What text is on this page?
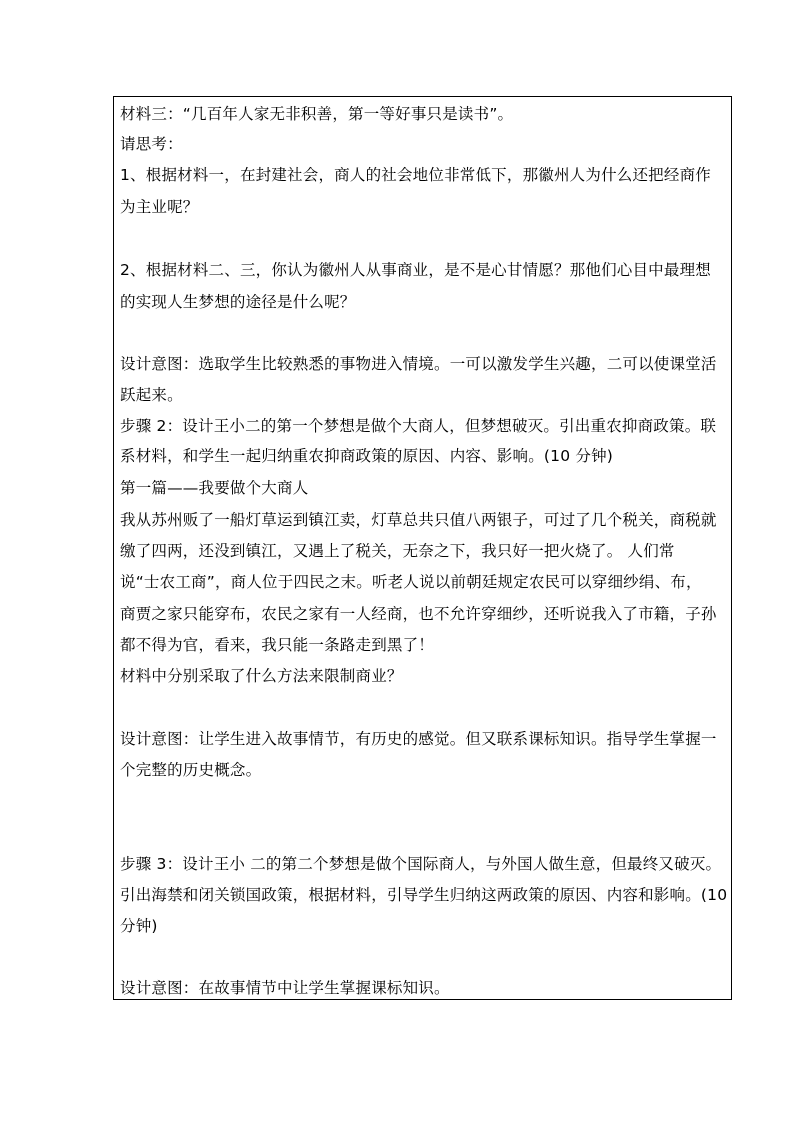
材料三：“几百年人家无非积善，第一等好事只是读书”。
请思考：
1、根据材料一，在封建社会，商人的社会地位非常低下，那徽州人为什么还把经商作
为主业呢？
2、根据材料二、三，你认为徽州人从事商业，是不是心甘情愿？那他们心目中最理想
的实现人生梦想的途径是什么呢？
设计意图：选取学生比较熟悉的事物进入情境。一可以激发学生兴趣，二可以使课堂活
跃起来。
步骤 2：设计王小二的第一个梦想是做个大商人，但梦想破灭。引出重农抑商政策。联
系材料，和学生一起归纳重农抑商政策的原因、内容、影响。(10 分钟)
第一篇——我要做个大商人
我从苏州贩了一船灯草运到镇江卖，灯草总共只值八两银子，可过了几个税关，商税就
缴了四两，还没到镇江，又遇上了税关，无奈之下，我只好一把火烧了。 人们常
说“士农工商”，商人位于四民之末。听老人说以前朝廷规定农民可以穿细纱绢、布，
商贾之家只能穿布，农民之家有一人经商，也不允许穿细纱，还听说我入了市籍，子孙
都不得为官，看来，我只能一条路走到黑了！
材料中分别采取了什么方法来限制商业？
设计意图：让学生进入故事情节，有历史的感觉。但又联系课标知识。指导学生掌握一
个完整的历史概念。
步骤 3：设计王小 二的第二个梦想是做个国际商人，与外国人做生意，但最终又破灭。
引出海禁和闭关锁国政策，根据材料，引导学生归纳这两政策的原因、内容和影响。(10
分钟)
设计意图：在故事情节中让学生掌握课标知识。
